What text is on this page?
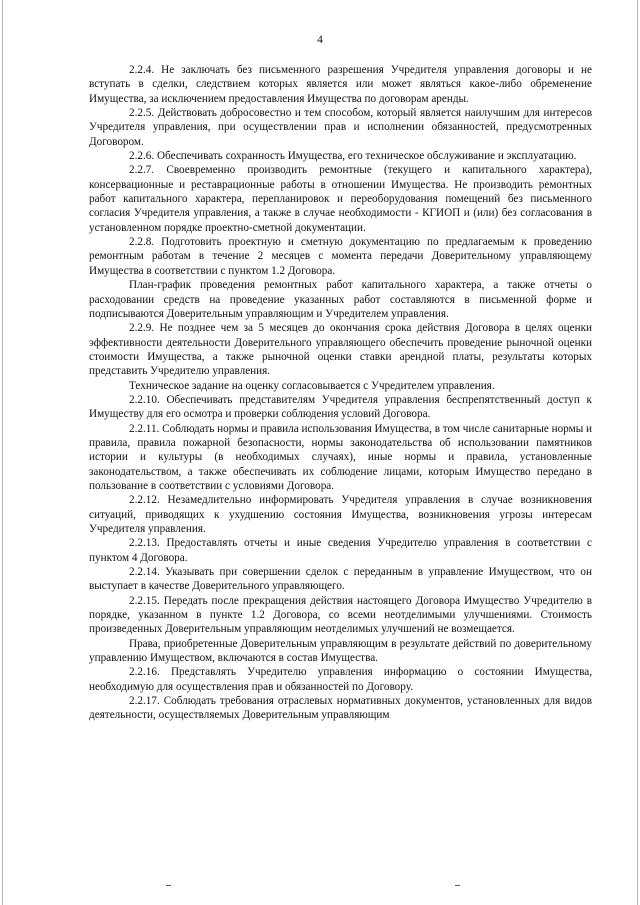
4

2.2.4. Не заключать без письменного разрешения Учредителя управления договоры и не вступать в сделки, следствием которых является или может являться какое-либо обременение Имущества, за исключением предоставления Имущества по договорам аренды.

2.2.5. Действовать добросовестно и тем способом, который является наилучшим для интересов Учредителя управления, при осуществлении прав и исполнении обязанностей, предусмотренных Договором.

2.2.6. Обеспечивать сохранность Имущества, его техническое обслуживание и эксплуатацию.

2.2.7. Своевременно производить ремонтные (текущего и капитального характера), консервационные и реставрационные работы в отношении Имущества. Не производить ремонтных работ капитального характера, перепланировок и переоборудования помещений без письменного согласия Учредителя управления, а также в случае необходимости - КГИОП и (или) без согласования в установленном порядке проектно-сметной документации.

2.2.8. Подготовить проектную и сметную документацию по предлагаемым к проведению ремонтным работам в течение 2 месяцев с момента передачи Доверительному управляющему Имущества в соответствии с пунктом 1.2 Договора.

План-график проведения ремонтных работ капитального характера, а также отчеты о расходовании средств на проведение указанных работ составляются в письменной форме и подписываются Доверительным управляющим и Учредителем управления.

2.2.9. Не позднее чем за 5 месяцев до окончания срока действия Договора в целях оценки эффективности деятельности Доверительного управляющего обеспечить проведение рыночной оценки стоимости Имущества, а также рыночной оценки ставки арендной платы, результаты которых представить Учредителю управления.

Техническое задание на оценку согласовывается с Учредителем управления.

2.2.10. Обеспечивать представителям Учредителя управления беспрепятственный доступ к Имуществу для его осмотра и проверки соблюдения условий Договора.

2.2.11. Соблюдать нормы и правила использования Имущества, в том числе санитарные нормы и правила, правила пожарной безопасности, нормы законодательства об использовании памятников истории и культуры (в необходимых случаях), иные нормы и правила, установленные законодательством, а также обеспечивать их соблюдение лицами, которым Имущество передано в пользование в соответствии с условиями Договора.

2.2.12. Незамедлительно информировать Учредителя управления в случае возникновения ситуаций, приводящих к ухудшению состояния Имущества, возникновения угрозы интересам Учредителя управления.

2.2.13. Предоставлять отчеты и иные сведения Учредителю управления в соответствии с пунктом 4 Договора.

2.2.14. Указывать при совершении сделок с переданным в управление Имуществом, что он выступает в качестве Доверительного управляющего.

2.2.15. Передать после прекращения действия настоящего Договора Имущество Учредителю в порядке, указанном в пункте 1.2 Договора, со всеми неотделимыми улучшениями. Стоимость произведенных Доверительным управляющим неотделимых улучшений не возмещается.

Права, приобретенные Доверительным управляющим в результате действий по доверительному управлению Имуществом, включаются в состав Имущества.

2.2.16. Представлять Учредителю управления информацию о состоянии Имущества, необходимую для осуществления прав и обязанностей по Договору.

2.2.17. Соблюдать требования отраслевых нормативных документов, установленных для видов деятельности, осуществляемых Доверительным управляющим
